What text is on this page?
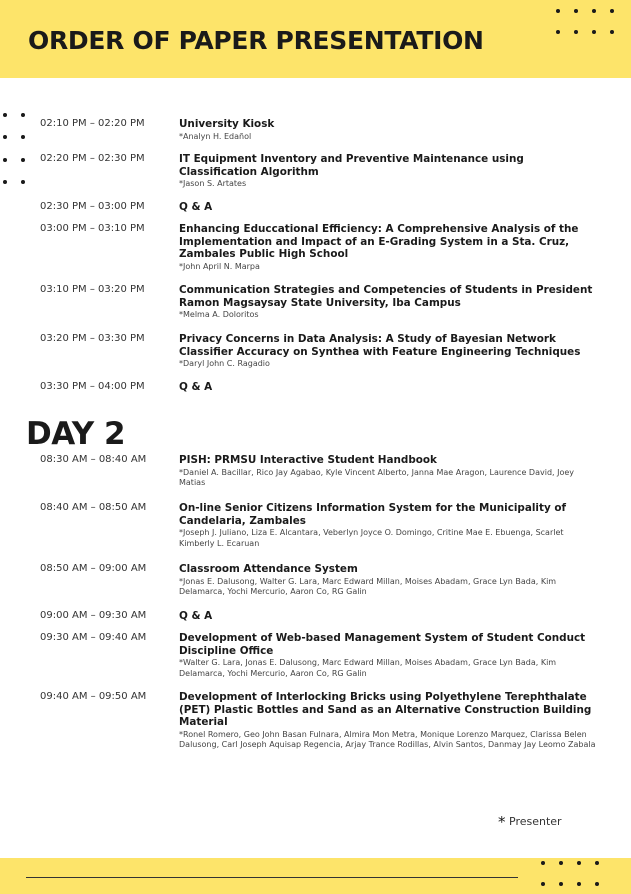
ORDER OF PAPER PRESENTATION
02:10 PM – 02:20 PM	University Kiosk
*Analyn H. Edañol
02:20 PM – 02:30 PM	IT Equipment Inventory and Preventive Maintenance using Classification Algorithm
*Jason S. Artates
02:30 PM – 03:00 PM	Q & A
03:00 PM – 03:10 PM	Enhancing Educcational Efficiency: A Comprehensive Analysis of the Implementation and Impact of an E-Grading System in a Sta. Cruz, Zambales Public High School
*John April N. Marpa
03:10 PM – 03:20 PM	Communication Strategies and Competencies of Students in President Ramon Magsaysay State University, Iba Campus
*Melma A. Doloritos
03:20 PM – 03:30 PM	Privacy Concerns in Data Analysis: A Study of Bayesian Network Classifier Accuracy on Synthea with Feature Engineering Techniques
*Daryl John C. Ragadio
03:30 PM – 04:00 PM	Q & A
DAY 2
08:30 AM – 08:40 AM	PISH: PRMSU Interactive Student Handbook
*Daniel A. Bacillar, Rico Jay Agabao, Kyle Vincent Alberto, Janna Mae Aragon, Laurence David, Joey Matias
08:40 AM – 08:50 AM	On-line Senior Citizens Information System for the Municipality of Candelaria, Zambales
*Joseph J. Juliano, Liza E. Alcantara, Veberlyn Joyce O. Domingo, Critine Mae E. Ebuenga, Scarlet Kimberly L. Ecaruan
08:50 AM – 09:00 AM	Classroom Attendance System
*Jonas E. Dalusong, Walter G. Lara, Marc Edward Millan, Moises Abadam, Grace Lyn Bada, Kim Delamarca, Yochi Mercurio, Aaron Co, RG Galin
09:00 AM – 09:30 AM	Q & A
09:30 AM – 09:40 AM	Development of Web-based Management System of Student Conduct Discipline Office
*Walter G. Lara, Jonas E. Dalusong, Marc Edward Millan, Moises Abadam, Grace Lyn Bada, Kim Delamarca, Yochi Mercurio, Aaron Co, RG Galin
09:40 AM – 09:50 AM	Development of Interlocking Bricks using Polyethylene Terephthalate (PET) Plastic Bottles and Sand as an Alternative Construction Building Material
*Ronel Romero, Geo John Basan Fulnara, Almira Mon Metra, Monique Lorenzo Marquez, Clarissa Belen Dalusong, Carl Joseph Aquisap Regencia, Arjay Trance Rodillas, Alvin Santos, Danmay Jay Leomo Zabala
* Presenter
